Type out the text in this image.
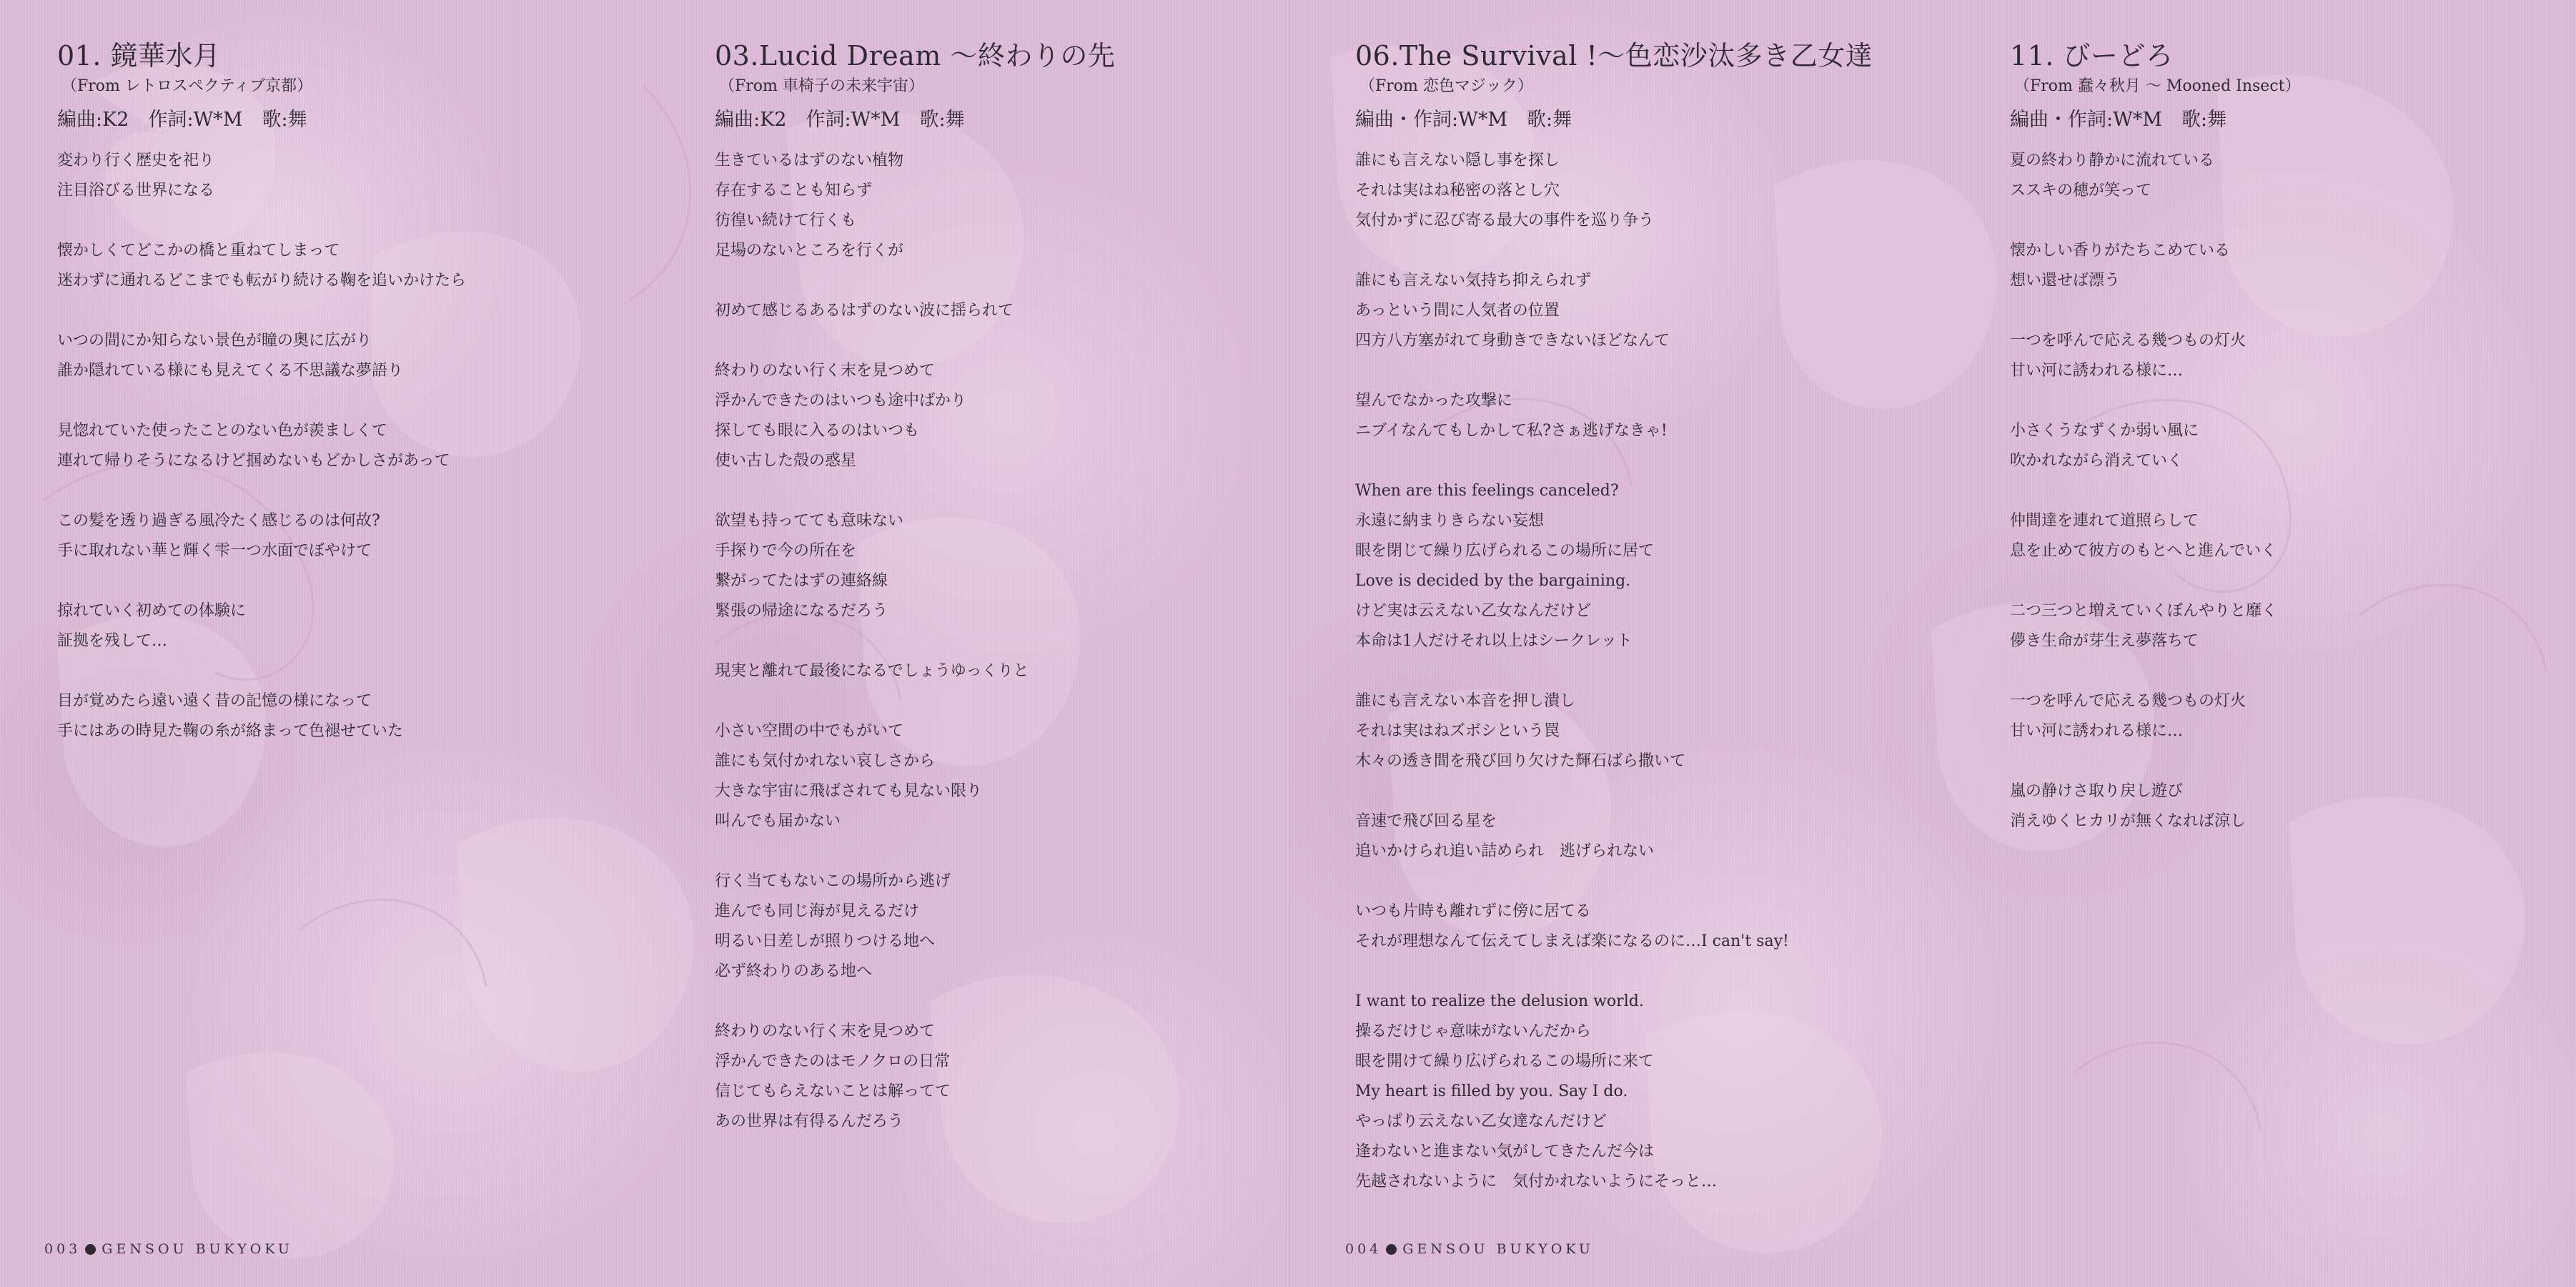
01. 鏡華水月
（From レトロスペクティブ京都）
編曲:K2　作詞:W*M　歌:舞
変わり行く歴史を祀り
注目浴びる世界になる
懐かしくてどこかの橋と重ねてしまって
迷わずに通れるどこまでも転がり続ける鞠を追いかけたら
いつの間にか知らない景色が瞳の奥に広がり
誰か隠れている様にも見えてくる不思議な夢語り
見惚れていた使ったことのない色が羨ましくて
連れて帰りそうになるけど掴めないもどかしさがあって
この髪を透り過ぎる風冷たく感じるのは何故?
手に取れない華と輝く雫一つ水面でぼやけて
掠れていく初めての体験に
証拠を残して…
目が覚めたら遠い遠く昔の記憶の様になって
手にはあの時見た鞠の糸が絡まって色褪せていた
03.Lucid Dream 〜終わりの先
（From 車椅子の未来宇宙）
編曲:K2　作詞:W*M　歌:舞
生きているはずのない植物
存在することも知らず
彷徨い続けて行くも
足場のないところを行くが
初めて感じるあるはずのない波に揺られて
終わりのない行く末を見つめて
浮かんできたのはいつも途中ばかり
探しても眼に入るのはいつも
使い古した殻の惑星
欲望も持ってても意味ない
手探りで今の所在を
繋がってたはずの連絡線
緊張の帰途になるだろう
現実と離れて最後になるでしょうゆっくりと
小さい空間の中でもがいて
誰にも気付かれない哀しさから
大きな宇宙に飛ばされても見ない限り
叫んでも届かない
行く当てもないこの場所から逃げ
進んでも同じ海が見えるだけ
明るい日差しが照りつける地へ
必ず終わりのある地へ
終わりのない行く末を見つめて
浮かんできたのはモノクロの日常
信じてもらえないことは解ってて
あの世界は有得るんだろう
003 GENSOU BUKYOKU
06.The Survival !〜色恋沙汰多き乙女達
（From 恋色マジック）
編曲・作詞:W*M　歌:舞
誰にも言えない隠し事を探し
それは実はね秘密の落とし穴
気付かずに忍び寄る最大の事件を巡り争う
誰にも言えない気持ち抑えられず
あっという間に人気者の位置
四方八方塞がれて身動きできないほどなんて
望んでなかった攻撃に
ニブイなんてもしかして私?さぁ逃げなきゃ!
When are this feelings canceled?
永遠に納まりきらない妄想
眼を閉じて繰り広げられるこの場所に居て
Love is decided by the bargaining.
けど実は云えない乙女なんだけど
本命は1人だけそれ以上はシークレット
誰にも言えない本音を押し潰し
それは実はねズボシという罠
木々の透き間を飛び回り欠けた輝石ばら撒いて
音速で飛び回る星を
追いかけられ追い詰められ　逃げられない
いつも片時も離れずに傍に居てる
それが理想なんて伝えてしまえば楽になるのに…I can't say!
I want to realize the delusion world.
操るだけじゃ意味がないんだから
眼を開けて繰り広げられるこの場所に来て
My heart is filled by you. Say I do.
やっぱり云えない乙女達なんだけど
逢わないと進まない気がしてきたんだ今は
先越されないように　気付かれないようにそっと…
11. びーどろ
（From 蠢々秋月 〜 Mooned Insect）
編曲・作詞:W*M　歌:舞
夏の終わり静かに流れている
ススキの穂が笑って
懐かしい香りがたちこめている
想い還せば漂う
一つを呼んで応える幾つもの灯火
甘い河に誘われる様に…
小さくうなずくか弱い風に
吹かれながら消えていく
仲間達を連れて道照らして
息を止めて彼方のもとへと進んでいく
二つ三つと増えていくぼんやりと靡く
儚き生命が芽生え夢落ちて
一つを呼んで応える幾つもの灯火
甘い河に誘われる様に…
嵐の静けさ取り戻し遊び
消えゆくヒカリが無くなれば涼し
004 GENSOU BUKYOKU
